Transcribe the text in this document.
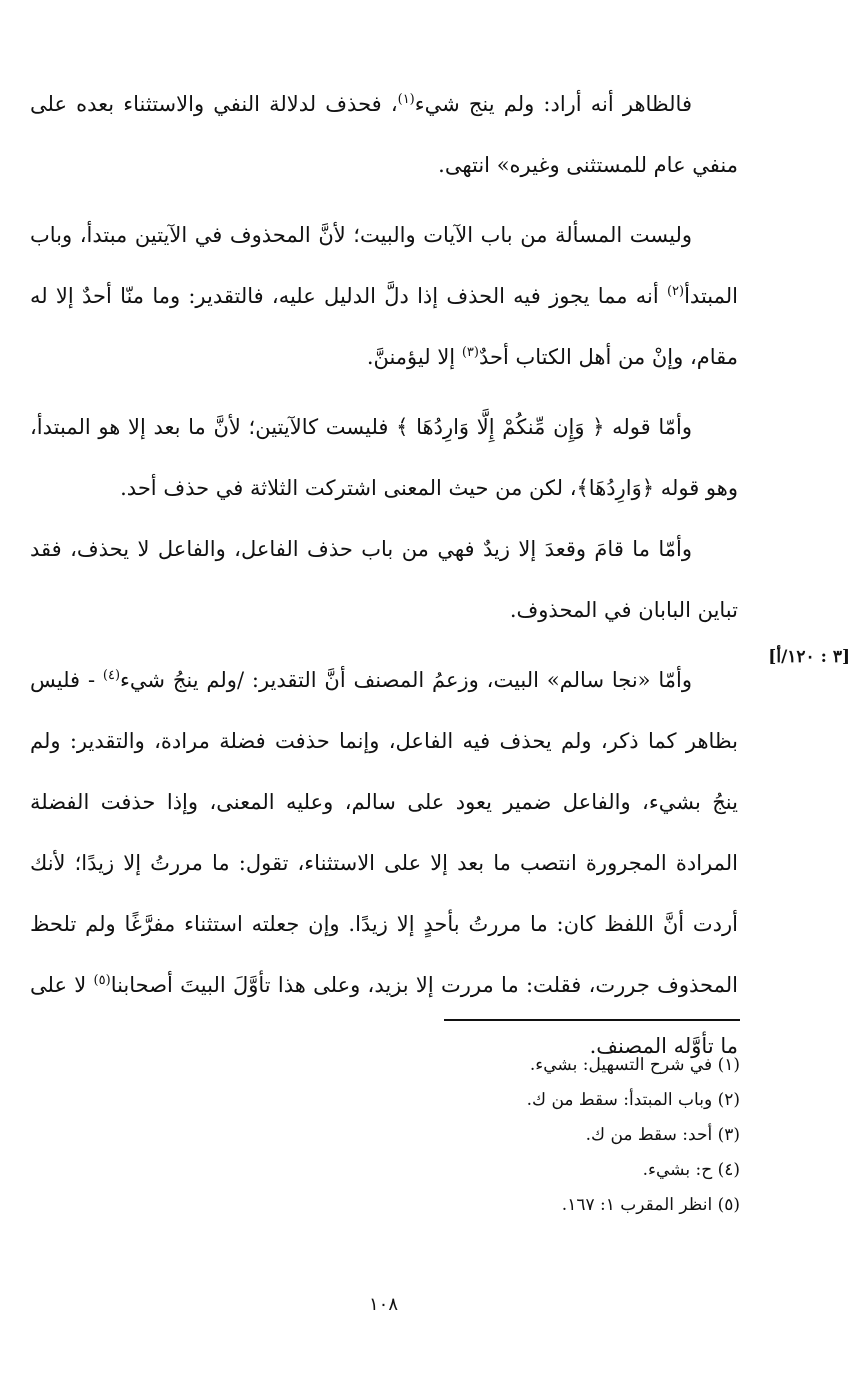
فالظاهر أنه أراد: ولم ينج شيء$^{(١)}$، فحذف لدلالة النفي والاستثناء بعده على منفي عام للمستثنى وغيره» انتهى.

وليست المسألة من باب الآيات والبيت؛ لأنَّ المحذوف في الآيتين مبتدأ، وباب المبتدأ$^{(٢)}$ أنه مما يجوز فيه الحذف إذا دلَّ الدليل عليه، فالتقدير: وما منّا أحدٌ إلا له مقام، وإنْ من أهل الكتاب أحدٌ$^{(٣)}$ إلا ليؤمننَّ.

وأمّا قوله ﴿ وَإِن مِّنكُمْ إِلَّا وَارِدُهَا ﴾ فليست كالآيتين؛ لأنَّ ما بعد إلا هو المبتدأ، وهو قوله ﴿وَارِدُهَا﴾، لكن من حيث المعنى اشتركت الثلاثة في حذف أحد.

وأمّا ما قامَ وقعدَ إلا زيدٌ فهي من باب حذف الفاعل، والفاعل لا يحذف، فقد تباين البابان في المحذوف.

وأمّا «نجا سالم» البيت، وزعمُ المصنف أنَّ التقدير: /ولم ينجُ شيء$^{(٤)}$ - فليس بظاهر كما ذكر، ولم يحذف فيه الفاعل، وإنما حذفت فضلة مرادة، والتقدير: ولم ينجُ بشيء، والفاعل ضمير يعود على سالم، وعليه المعنى، وإذا حذفت الفضلة المرادة المجرورة انتصب ما بعد إلا على الاستثناء، تقول: ما مررتُ إلا زيدًا؛ لأنك أردت أنَّ اللفظ كان: ما مررتُ بأحدٍ إلا زيدًا. وإن جعلته استثناء مفرَّغًا ولم تلحظ المحذوف جررت، فقلت: ما مررت إلا بزيد، وعلى هذا تأوَّلَ البيتَ أصحابنا$^{(٥)}$ لا على ما تأوَّله المصنف.

[٣ : ١٢٠/أ]

(١) في شرح التسهيل: بشيء.

(٢) وباب المبتدأ: سقط من ك.

(٣) أحد: سقط من ك.

(٤) ح: بشيء.

(٥) انظر المقرب ١: ١٦٧.

١٠٨
